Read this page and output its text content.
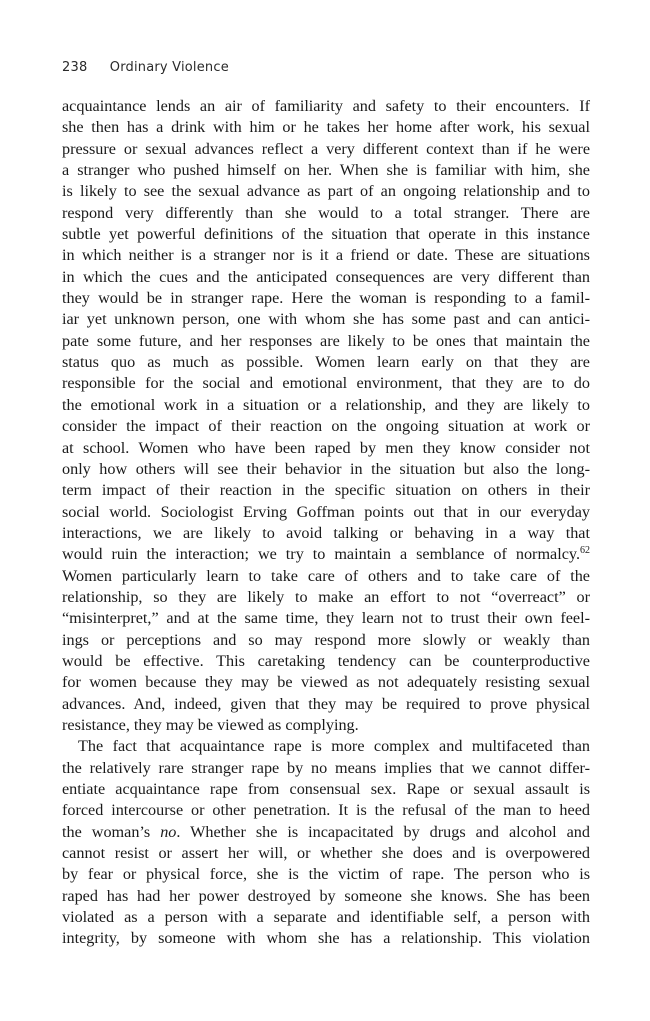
238 Ordinary Violence
acquaintance lends an air of familiarity and safety to their encounters. If
she then has a drink with him or he takes her home after work, his sexual
pressure or sexual advances reflect a very different context than if he were
a stranger who pushed himself on her. When she is familiar with him, she
is likely to see the sexual advance as part of an ongoing relationship and to
respond very differently than she would to a total stranger. There are
subtle yet powerful definitions of the situation that operate in this instance
in which neither is a stranger nor is it a friend or date. These are situations
in which the cues and the anticipated consequences are very different than
they would be in stranger rape. Here the woman is responding to a famil-
iar yet unknown person, one with whom she has some past and can antici-
pate some future, and her responses are likely to be ones that maintain the
status quo as much as possible. Women learn early on that they are
responsible for the social and emotional environment, that they are to do
the emotional work in a situation or a relationship, and they are likely to
consider the impact of their reaction on the ongoing situation at work or
at school. Women who have been raped by men they know consider not
only how others will see their behavior in the situation but also the long-
term impact of their reaction in the specific situation on others in their
social world. Sociologist Erving Goffman points out that in our everyday
interactions, we are likely to avoid talking or behaving in a way that
would ruin the interaction; we try to maintain a semblance of normalcy.$^{62}$
Women particularly learn to take care of others and to take care of the
relationship, so they are likely to make an effort to not “overreact” or
“misinterpret,” and at the same time, they learn not to trust their own feel-
ings or perceptions and so may respond more slowly or weakly than
would be effective. This caretaking tendency can be counterproductive
for women because they may be viewed as not adequately resisting sexual
advances. And, indeed, given that they may be required to prove physical
resistance, they may be viewed as complying.
The fact that acquaintance rape is more complex and multifaceted than
the relatively rare stranger rape by no means implies that we cannot differ-
entiate acquaintance rape from consensual sex. Rape or sexual assault is
forced intercourse or other penetration. It is the refusal of the man to heed
the woman’s no. Whether she is incapacitated by drugs and alcohol and
cannot resist or assert her will, or whether she does and is overpowered
by fear or physical force, she is the victim of rape. The person who is
raped has had her power destroyed by someone she knows. She has been
violated as a person with a separate and identifiable self, a person with
integrity, by someone with whom she has a relationship. This violation
